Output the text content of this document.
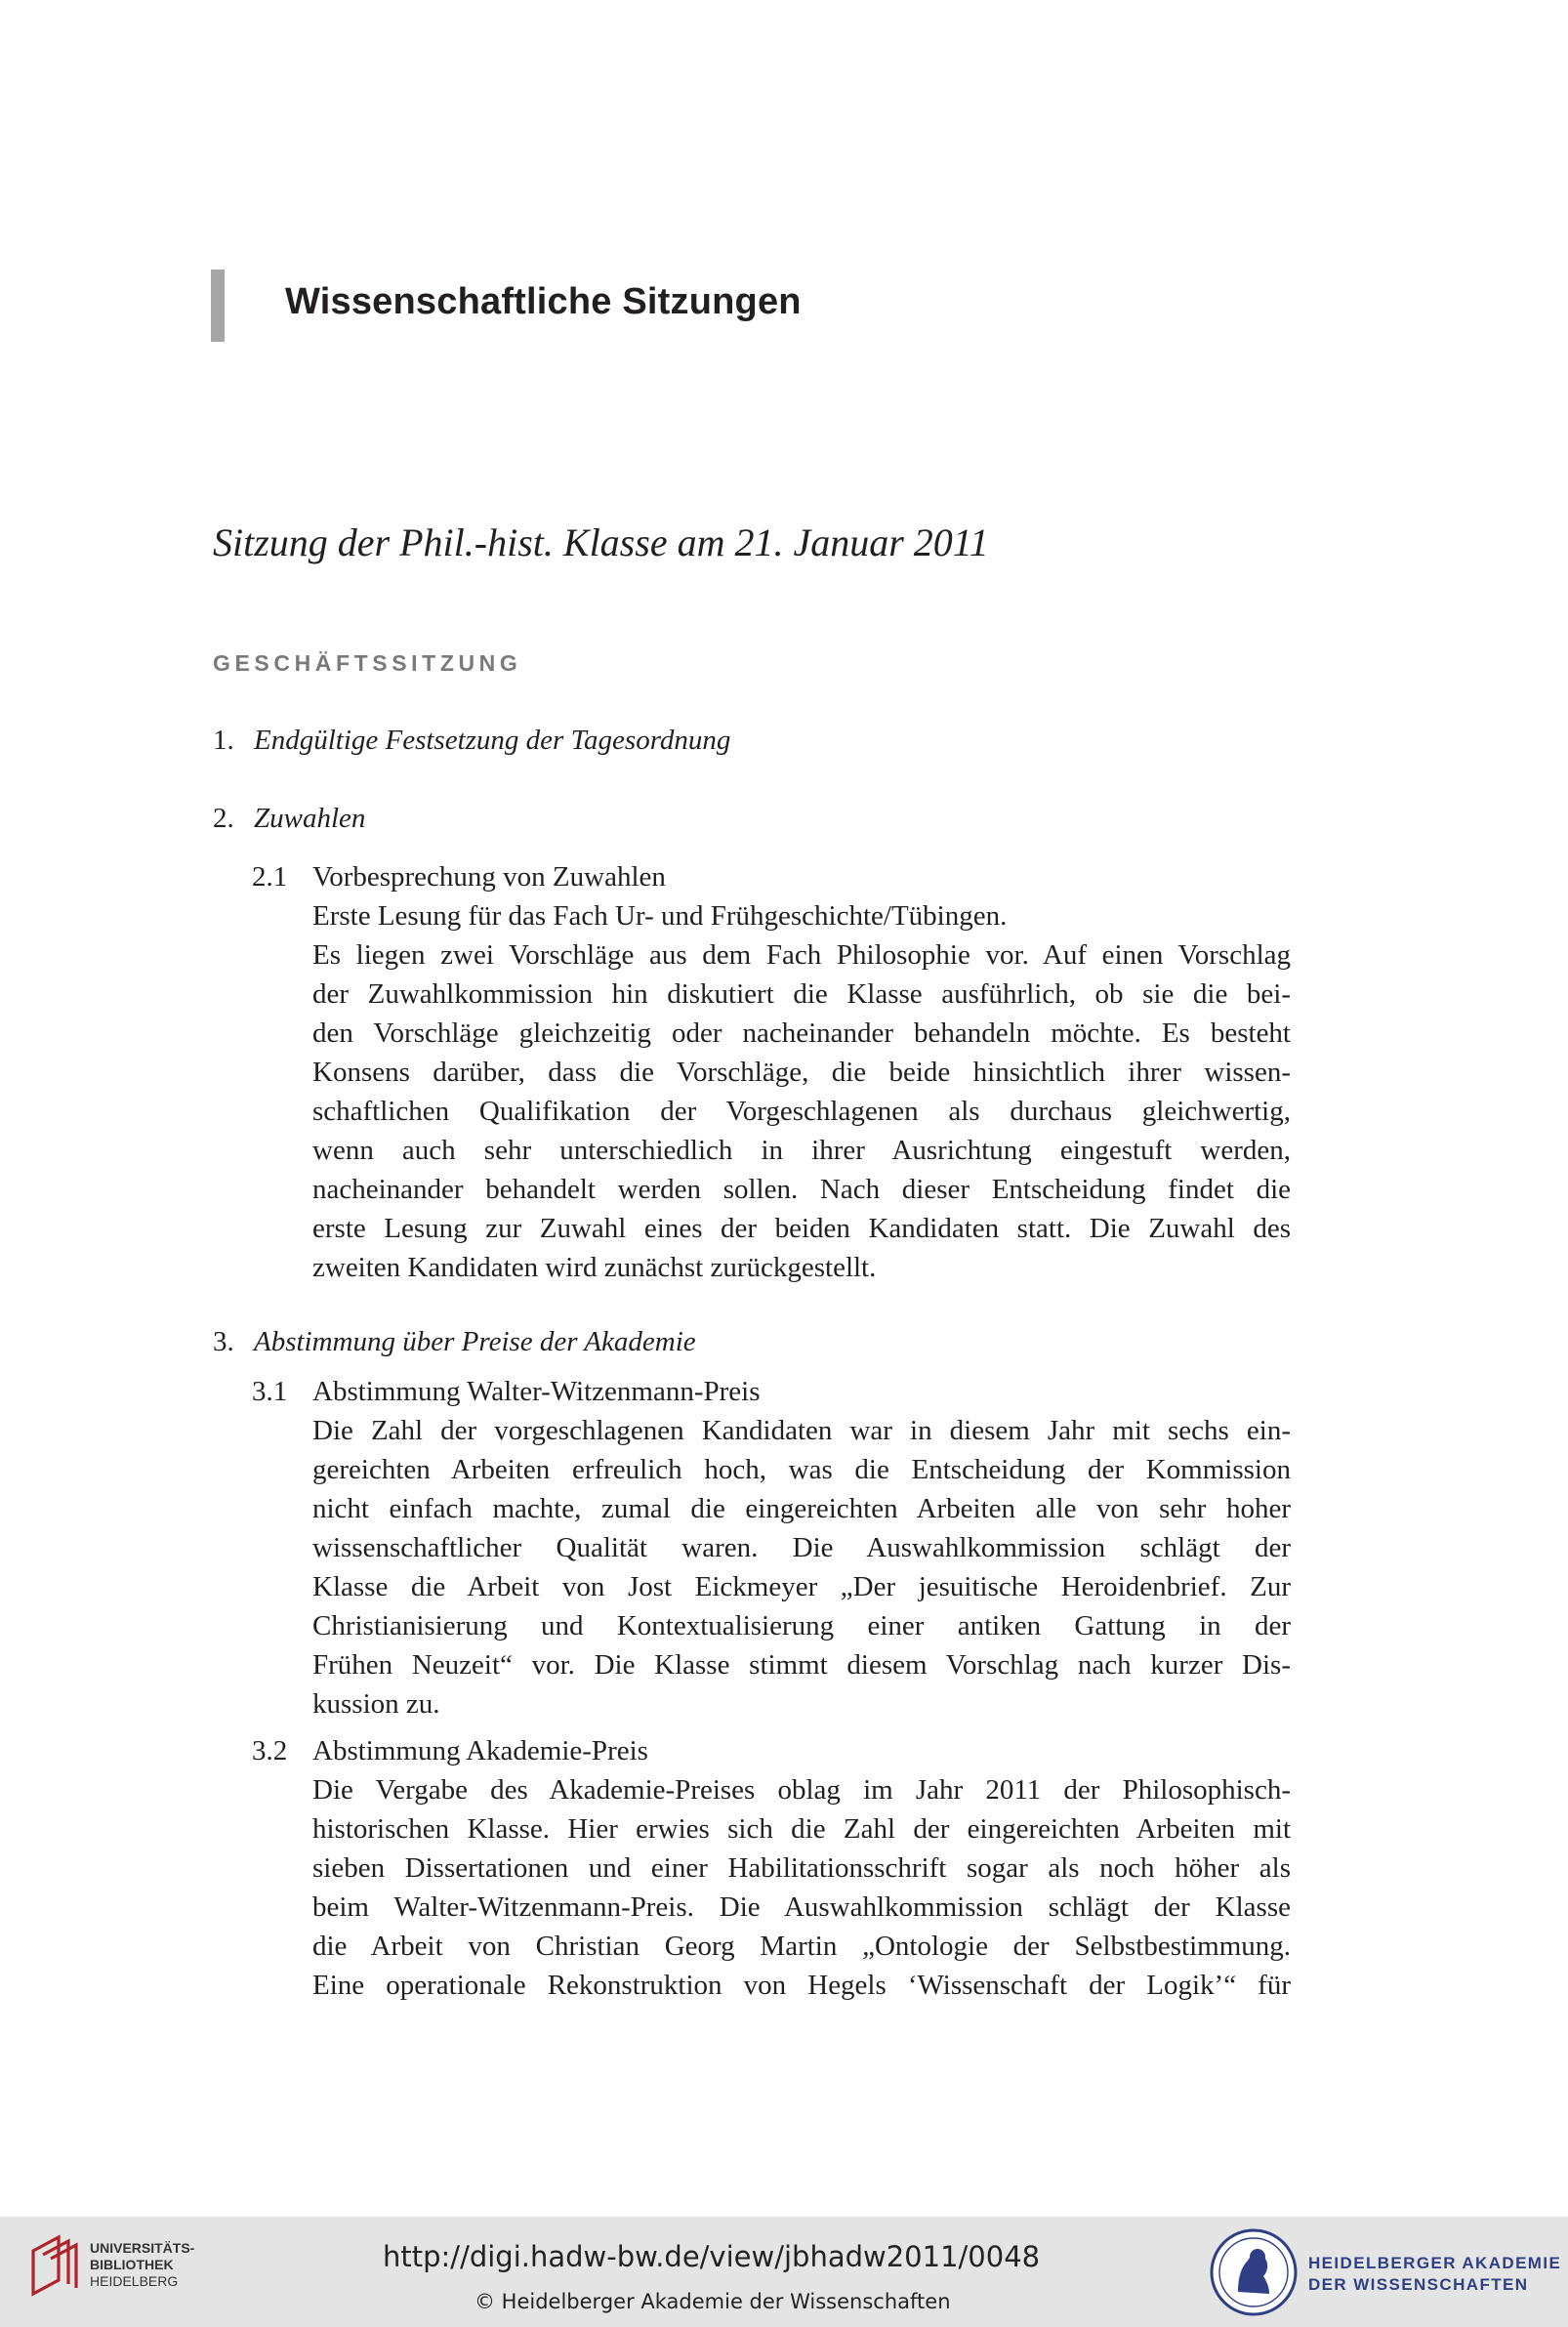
Wissenschaftliche Sitzungen
Sitzung der Phil.-hist. Klasse am 21. Januar 2011
GESCHÄFTSSITZUNG
1. Endgültige Festsetzung der Tagesordnung
2. Zuwahlen
2.1 Vorbesprechung von Zuwahlen

Erste Lesung für das Fach Ur- und Frühgeschichte/Tübingen.

Es liegen zwei Vorschläge aus dem Fach Philosophie vor. Auf einen Vorschlag

der Zuwahlkommission hin diskutiert die Klasse ausführlich, ob sie die bei-

den Vorschläge gleichzeitig oder nacheinander behandeln möchte. Es besteht

Konsens darüber, dass die Vorschläge, die beide hinsichtlich ihrer wissen-

schaftlichen Qualifikation der Vorgeschlagenen als durchaus gleichwertig,

wenn auch sehr unterschiedlich in ihrer Ausrichtung eingestuft werden,

nacheinander behandelt werden sollen. Nach dieser Entscheidung findet die

erste Lesung zur Zuwahl eines der beiden Kandidaten statt. Die Zuwahl des

zweiten Kandidaten wird zunächst zurückgestellt.

3. Abstimmung über Preise der Akademie
3.1 Abstimmung Walter-Witzenmann-Preis

Die Zahl der vorgeschlagenen Kandidaten war in diesem Jahr mit sechs ein-

gereichten Arbeiten erfreulich hoch, was die Entscheidung der Kommission

nicht einfach machte, zumal die eingereichten Arbeiten alle von sehr hoher

wissenschaftlicher Qualität waren. Die Auswahlkommission schlägt der

Klasse die Arbeit von Jost Eickmeyer „Der jesuitische Heroidenbrief. Zur

Christianisierung und Kontextualisierung einer antiken Gattung in der

Frühen Neuzeit“ vor. Die Klasse stimmt diesem Vorschlag nach kurzer Dis-

kussion zu.

3.2 Abstimmung Akademie-Preis

Die Vergabe des Akademie-Preises oblag im Jahr 2011 der Philosophisch-

historischen Klasse. Hier erwies sich die Zahl der eingereichten Arbeiten mit

sieben Dissertationen und einer Habilitationsschrift sogar als noch höher als

beim Walter-Witzenmann-Preis. Die Auswahlkommission schlägt der Klasse

die Arbeit von Christian Georg Martin „Ontologie der Selbstbestimmung.

Eine operationale Rekonstruktion von Hegels ‘Wissenschaft der Logik’“ für

UNIVERSITÄTS-
BIBLIOTHEK
HEIDELBERG
http://digi.hadw-bw.de/view/jbhadw2011/0048
© Heidelberger Akademie der Wissenschaften
HEIDELBERGER AKADEMIE
DER WISSENSCHAFTEN
